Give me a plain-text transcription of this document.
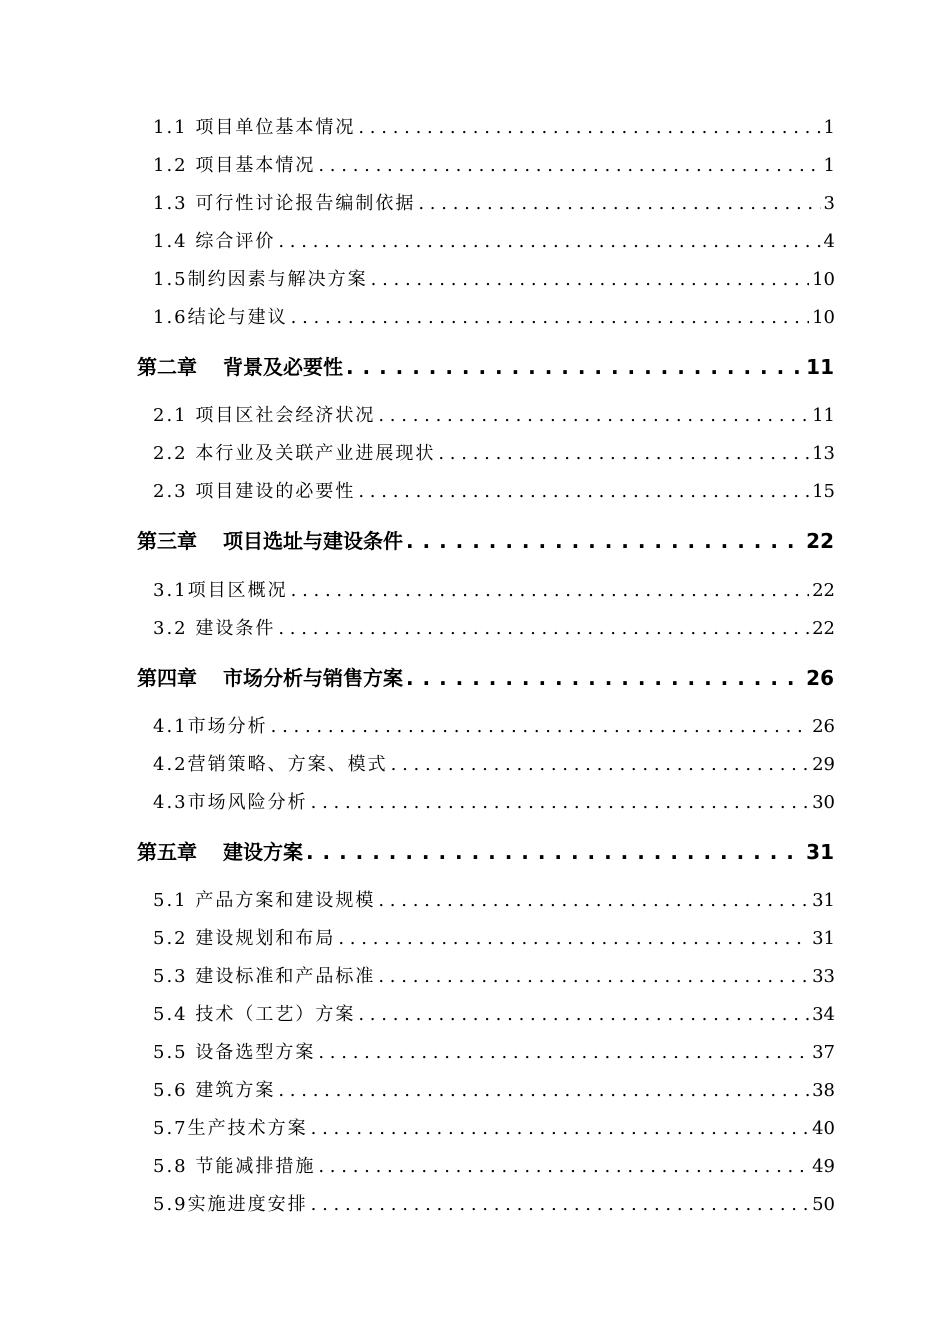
1.1 项目单位基本情况 . . .	1
1.2 项目基本情况 . . .	1
1.3 可行性讨论报告编制依据 . . .	3
1.4 综合评价 . . .	4
1.5制约因素与解决方案 . . .	10
1.6结论与建议 . . .	10
第二章 背景及必要性 . . .	11
2.1 项目区社会经济状况 . . .	11
2.2 本行业及关联产业进展现状 . . .	13
2.3 项目建设的必要性 . . .	15
第三章 项目选址与建设条件 . . .	22
3.1项目区概况 . . .	22
3.2 建设条件 . . .	22
第四章 市场分析与销售方案 . . .	26
4.1市场分析 . . .	26
4.2营销策略、方案、模式 . . .	29
4.3市场风险分析 . . .	30
第五章 建设方案 . . .	31
5.1 产品方案和建设规模 . . .	31
5.2 建设规划和布局 . . .	31
5.3 建设标准和产品标准 . . .	33
5.4 技术（工艺）方案 . . .	34
5.5 设备选型方案 . . .	37
5.6 建筑方案 . . .	38
5.7生产技术方案 . . .	40
5.8 节能减排措施 . . .	49
5.9实施进度安排 . . .	50
